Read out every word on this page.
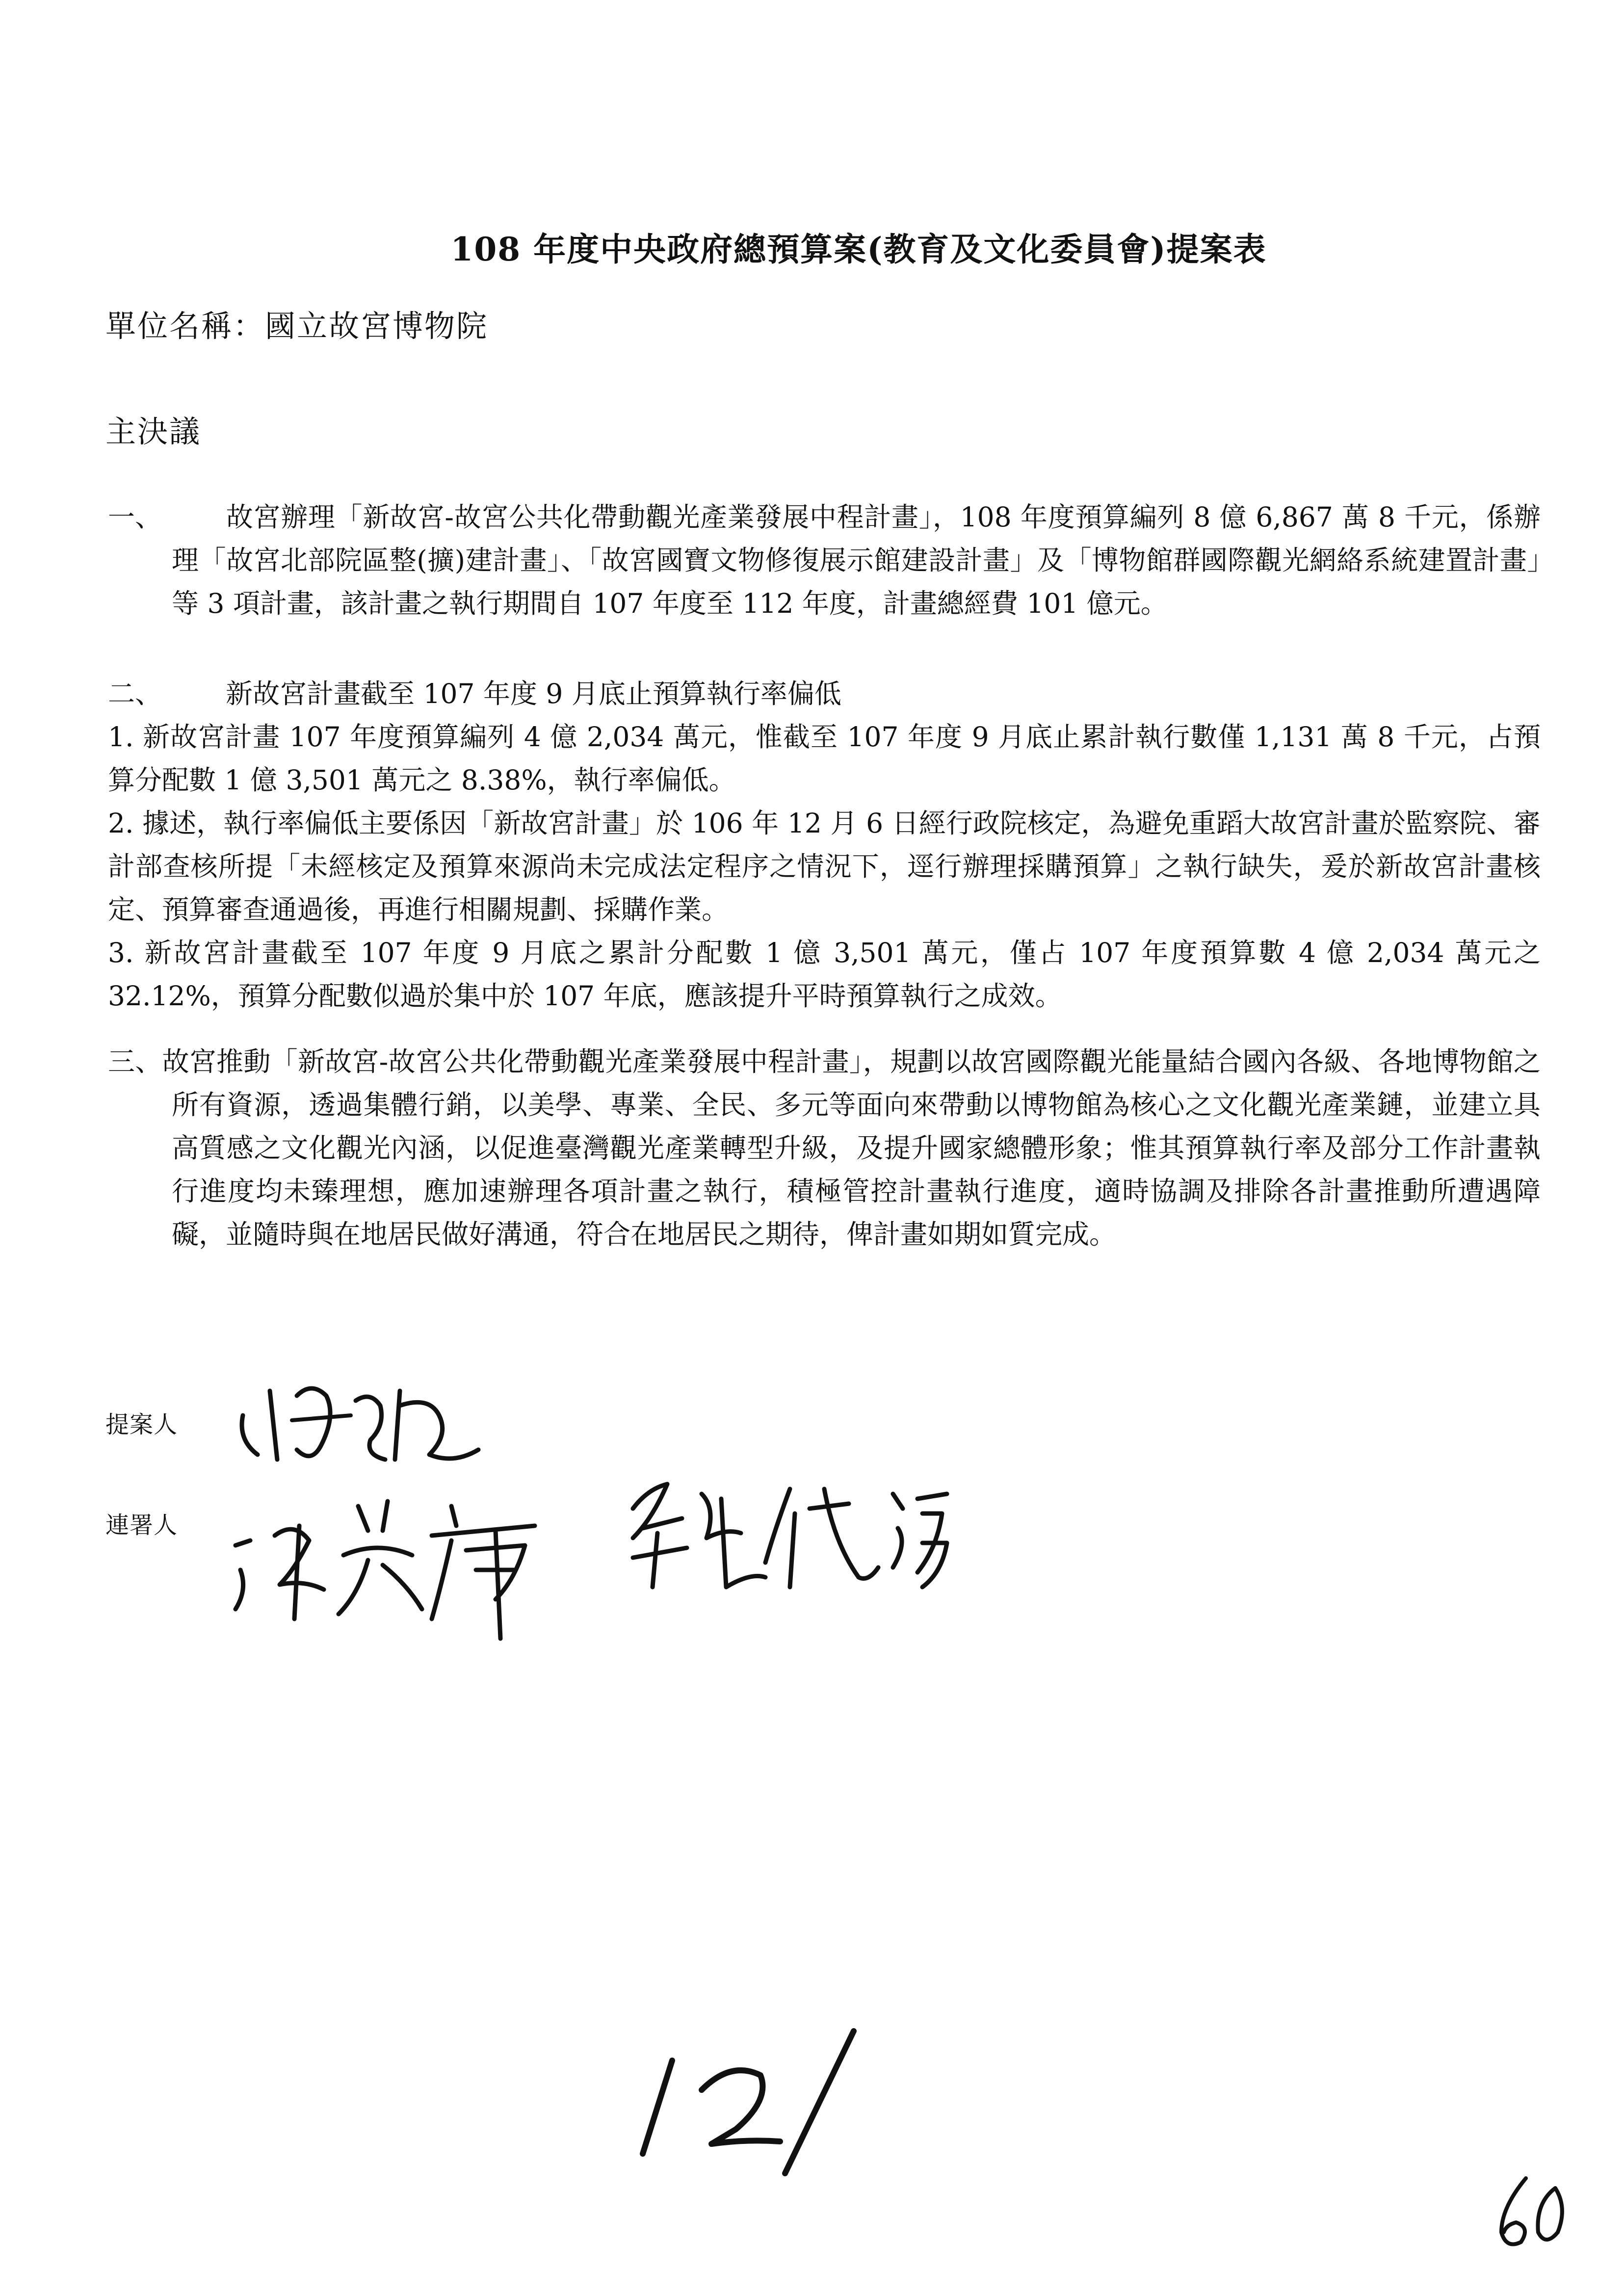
108 年度中央政府總預算案(教育及文化委員會)提案表
單位名稱：國立故宮博物院
主決議
一、 故宮辦理「新故宮-故宮公共化帶動觀光產業發展中程計畫」，108 年度預算編列 8 億 6,867 萬 8 千元，係辦理「故宮北部院區整(擴)建計畫」、「故宮國寶文物修復展示館建設計畫」及「博物館群國際觀光網絡系統建置計畫」等 3 項計畫，該計畫之執行期間自 107 年度至 112 年度，計畫總經費 101 億元。
二、 新故宮計畫截至 107 年度 9 月底止預算執行率偏低
1. 新故宮計畫 107 年度預算編列 4 億 2,034 萬元，惟截至 107 年度 9 月底止累計執行數僅 1,131 萬 8 千元，占預算分配數 1 億 3,501 萬元之 8.38%，執行率偏低。
2. 據述，執行率偏低主要係因「新故宮計畫」於 106 年 12 月 6 日經行政院核定，為避免重蹈大故宮計畫於監察院、審計部查核所提「未經核定及預算來源尚未完成法定程序之情況下，逕行辦理採購預算」之執行缺失，爰於新故宮計畫核定、預算審查通過後，再進行相關規劃、採購作業。
3. 新故宮計畫截至 107 年度 9 月底之累計分配數 1 億 3,501 萬元，僅占 107 年度預算數 4 億 2,034 萬元之 32.12%，預算分配數似過於集中於 107 年底，應該提升平時預算執行之成效。
三、故宮推動「新故宮-故宮公共化帶動觀光產業發展中程計畫」，規劃以故宮國際觀光能量結合國內各級、各地博物館之所有資源，透過集體行銷，以美學、專業、全民、多元等面向來帶動以博物館為核心之文化觀光產業鏈，並建立具高質感之文化觀光內涵，以促進臺灣觀光產業轉型升級，及提升國家總體形象；惟其預算執行率及部分工作計畫執行進度均未臻理想，應加速辦理各項計畫之執行，積極管控計畫執行進度，適時協調及排除各計畫推動所遭遇障礙，並隨時與在地居民做好溝通，符合在地居民之期待，俾計畫如期如質完成。
提案人
連署人
